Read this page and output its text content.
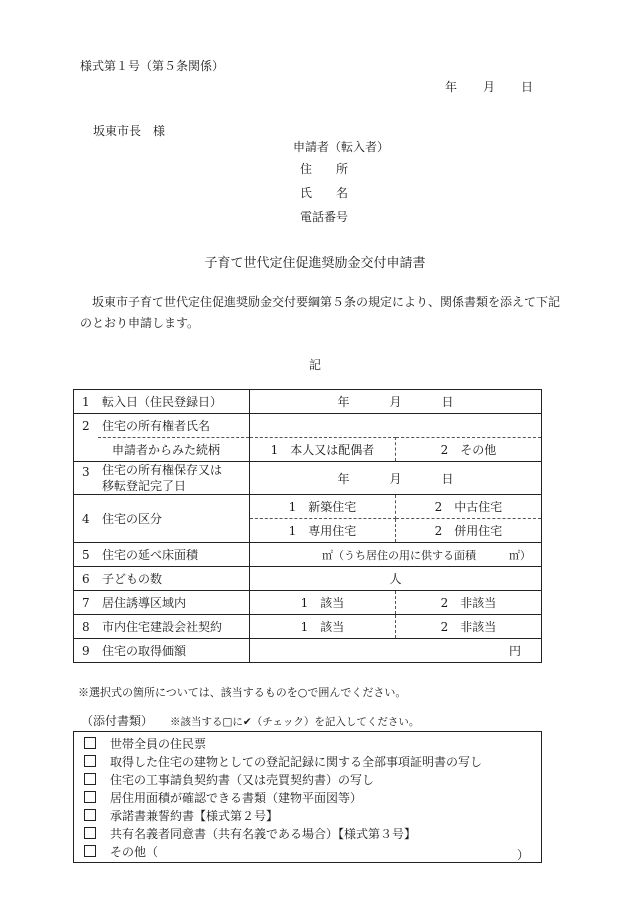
様式第１号（第５条関係）
年 月 日
坂東市長　様
申請者（転入者）
住　　所
氏　　名
電話番号
子育て世代定住促進奨励金交付申請書
坂東市子育て世代定住促進奨励金交付要綱第５条の規定により、関係書類を添えて下記のとおり申請します。
記
1	転入日（住民登録日）	年 月 日	
2	住宅の所有権者氏名		
	申請者からみた続柄	1　本人又は配偶者	2　その他
3	住宅の所有権保存又は
移転登記完了日	年 月 日	
4	住宅の区分	1　新築住宅	2　中古住宅
		1　専用住宅	2　併用住宅
5	住宅の延べ床面積	㎡（うち居住の用に供する面積　　　㎡）	
6	子どもの数	人	
7	居住誘導区域内	1　該当	2　非該当
8	市内住宅建設会社契約	1　該当	2　非該当
9	住宅の取得価額	円	
※選択式の箇所については、該当するものを○で囲んでください。
（添付書類） ※該当する□に✔（チェック）を記入してください。
世帯全員の住民票
取得した住宅の建物としての登記記録に関する全部事項証明書の写し
住宅の工事請負契約書（又は売買契約書）の写し
居住用面積が確認できる書類（建物平面図等）
承諾書兼誓約書【様式第２号】
共有名義者同意書（共有名義である場合）【様式第３号】
その他（	）
